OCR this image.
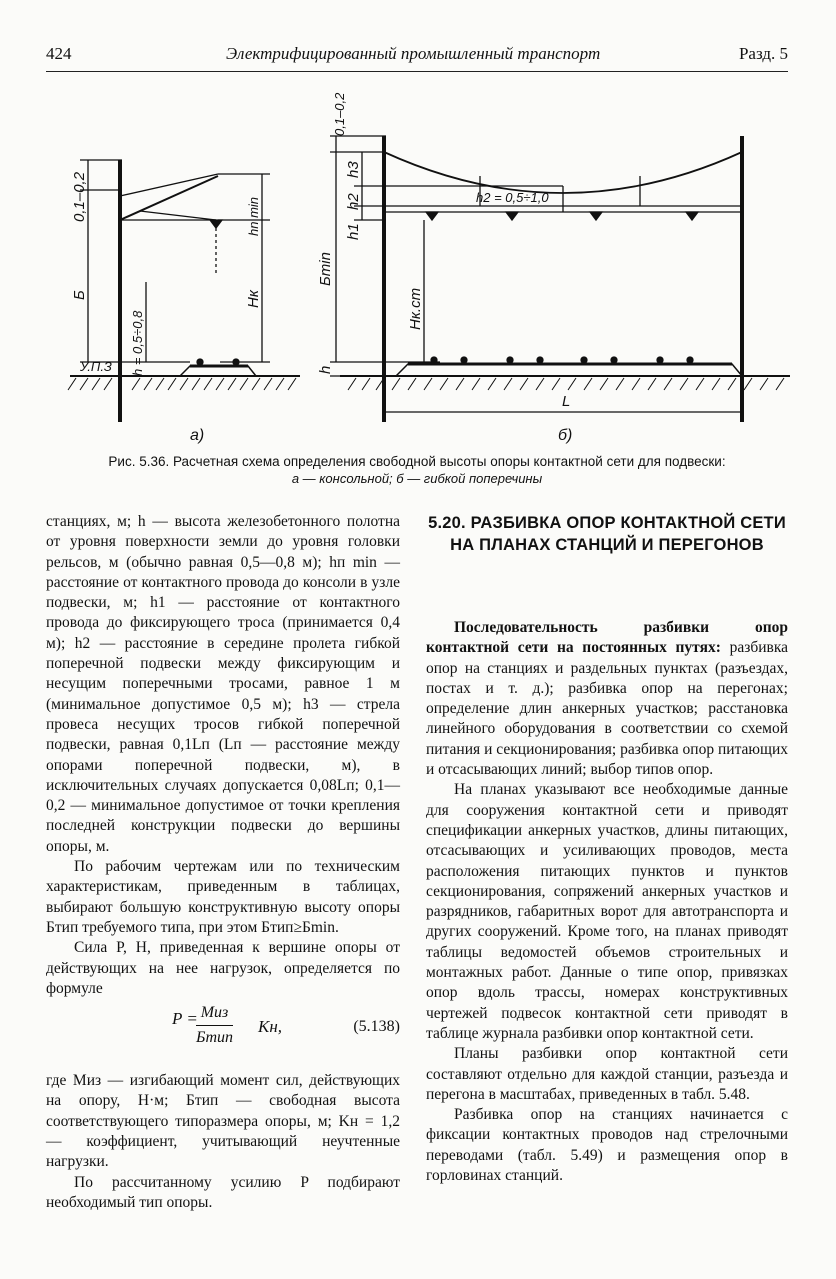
424	Электрифицированный промышленный транспорт	Разд. 5
0,1–0,2
Б
hn min
Hк
h = 0,5÷0,8
У.П.З
а)
0,1–0,2
h3
h2	h2 = 0,5÷1,0
h1
Бmin
Hк.ст
h
L
б)
Рис. 5.36. Расчетная схема определения свободной высоты опоры контактной сети для подвески:
а — консольной; б — гибкой поперечины

станциях, м; h — высота железобетонного полотна от уровня поверхности земли до уровня головки рельсов, м (обычно равная 0,5—0,8 м); hп min — расстояние от контактного провода до консоли в узле подвески, м; h1 — расстояние от контактного провода до фиксирующего троса (принимается 0,4 м); h2 — расстояние в середине пролета гибкой поперечной подвески между фиксирующим и несущим поперечными тросами, равное 1 м (минимальное допустимое 0,5 м); h3 — стрела провеса несущих тросов гибкой поперечной подвески, равная 0,1Lп (Lп — расстояние между опорами поперечной подвески, м), в исключительных случаях допускается 0,08Lп; 0,1—0,2 — минимальное допустимое от точки крепления последней конструкции подвески до вершины опоры, м.

По рабочим чертежам или по техническим характеристикам, приведенным в таблицах, выбирают большую конструктивную высоту опоры Бтип требуемого типа, при этом Бтип≥Бmin.

Сила P, H, приведенная к вершине опоры от действующих на нее нагрузок, определяется по формуле

P = Mиз
Бтип
Kн,	(5.138)

где Mиз — изгибающий момент сил, действующих на опору, H·м; Бтип — свободная высота соответствующего типоразмера опоры, м; Kн = 1,2 — коэффициент, учитывающий неучтенные нагрузки.

По рассчитанному усилию P подбирают необходимый тип опоры.

5.20. РАЗБИВКА ОПОР КОНТАКТНОЙ СЕТИ
НА ПЛАНАХ СТАНЦИЙ И ПЕРЕГОНОВ

Последовательность разбивки опор контактной сети на постоянных путях: разбивка опор на станциях и раздельных пунктах (разъездах, постах и т. д.); разбивка опор на перегонах; определение длин анкерных участков; расстановка линейного оборудования в соответствии со схемой питания и секционирования; разбивка опор питающих и отсасывающих линий; выбор типов опор.

На планах указывают все необходимые данные для сооружения контактной сети и приводят спецификации анкерных участков, длины питающих, отсасывающих и усиливающих проводов, места расположения питающих пунктов и пунктов секционирования, сопряжений анкерных участков и разрядников, габаритных ворот для автотранспорта и других сооружений. Кроме того, на планах приводят таблицы ведомостей объемов строительных и монтажных работ. Данные о типе опор, привязках опор вдоль трассы, номерах конструктивных чертежей подвесок контактной сети приводят в таблице журнала разбивки опор контактной сети.

Планы разбивки опор контактной сети составляют отдельно для каждой станции, разъезда и перегона в масштабах, приведенных в табл. 5.48.

Разбивка опор на станциях начинается с фиксации контактных проводов над стрелочными переводами (табл. 5.49) и размещения опор в горловинах станций.
